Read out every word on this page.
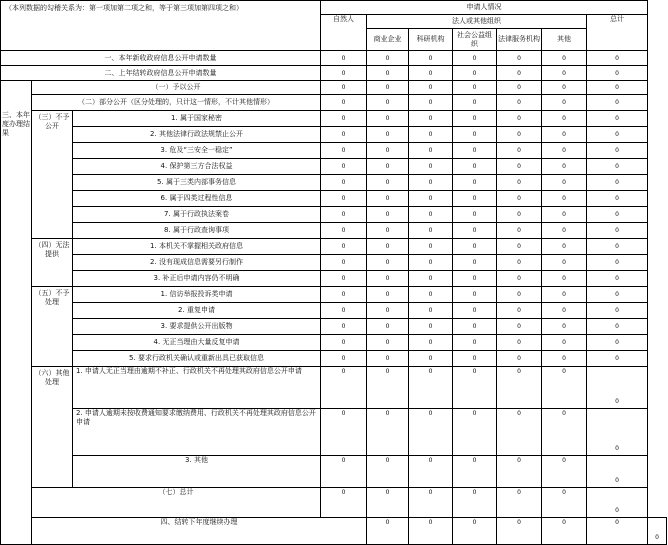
（本列数据的勾稽关系为：第一项加第二项之和，等于第三项加第四项之和）			申请人情况							
			自然人	法人或其他组织					总计	
				商业企业	科研机构	社会公益组织	法律服务机构	其他		
一、本年新收政府信息公开申请数量			0	0	0	0	0	0	0	
二、上年结转政府信息公开申请数量			0	0	0	0	0	0	0	
三、本年度办理结果	（一）予以公开		0	0	0	0	0	0	0	
	（二）部分公开（区分处理的，只计这一情形，不计其他情形）		0	0	0	0	0	0	0	
	（三）不予公开	1. 属于国家秘密	0	0	0	0	0	0	0	
		2. 其他法律行政法规禁止公开	0	0	0	0	0	0	0	
		3. 危及“三安全一稳定”	0	0	0	0	0	0	0	
		4. 保护第三方合法权益	0	0	0	0	0	0	0	
		5. 属于三类内部事务信息	0	0	0	0	0	0	0	
		6. 属于四类过程性信息	0	0	0	0	0	0	0	
		7. 属于行政执法案卷	0	0	0	0	0	0	0	
		8. 属于行政查询事项	0	0	0	0	0	0	0	
	（四）无法提供	1. 本机关不掌握相关政府信息	0	0	0	0	0	0	0	
		2. 没有现成信息需要另行制作	0	0	0	0	0	0	0	
		3. 补正后申请内容仍不明确	0	0	0	0	0	0	0	
	（五）不予处理	1. 信访举报投诉类申请	0	0	0	0	0	0	0	
		2. 重复申请	0	0	0	0	0	0	0	
		3. 要求提供公开出版物	0	0	0	0	0	0	0	
		4. 无正当理由大量反复申请	0	0	0	0	0	0	0	
		5. 要求行政机关确认或重新出具已获取信息	0	0	0	0	0	0	0	
	（六）其他处理	1. 申请人无正当理由逾期不补正、行政机关不再处理其政府信息公开申请	0	0	0	0	0	0	0	
		2. 申请人逾期未按收费通知要求缴纳费用、行政机关不再处理其政府信息公开申请	0	0	0	0	0	0	0	
		3. 其他	0	0	0	0	0	0	0	
	（七）总计		0	0	0	0	0	0	0	
	四、结转下年度继续办理			0	0	0	0	0	0	0
